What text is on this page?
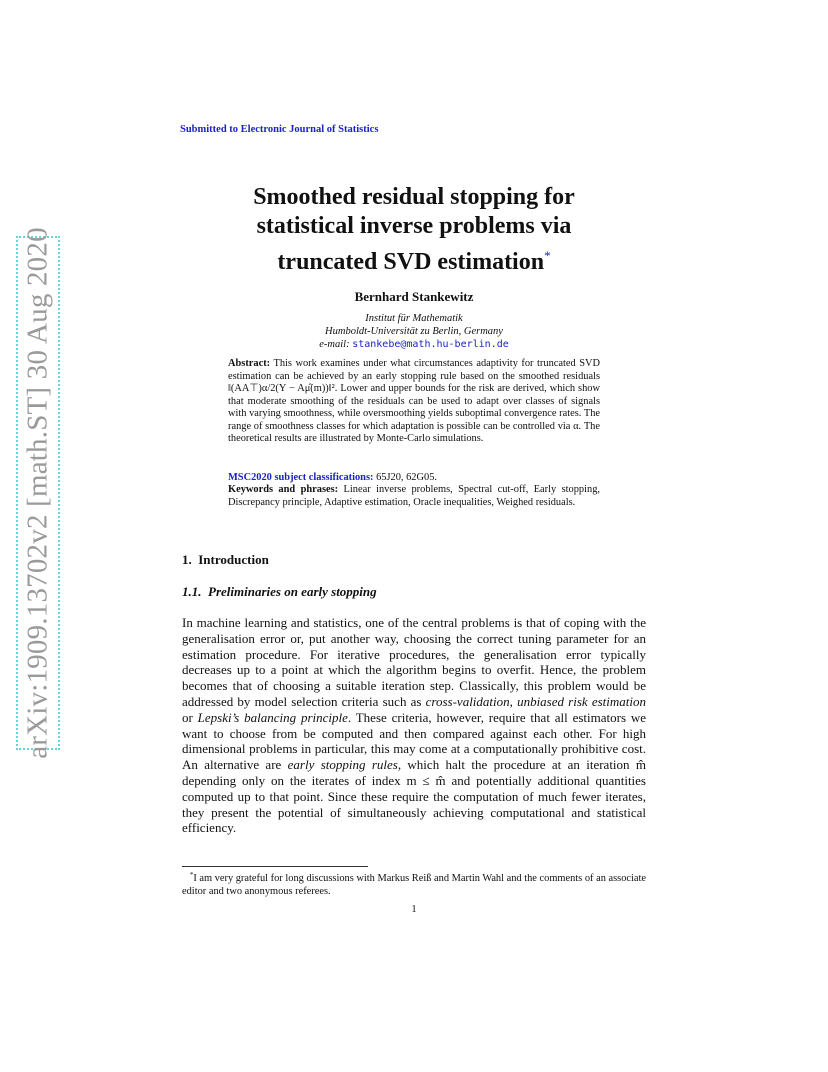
arXiv:1909.13702v2 [math.ST] 30 Aug 2020
Submitted to Electronic Journal of Statistics
Smoothed residual stopping for
statistical inverse problems via
truncated SVD estimation*
Bernhard Stankewitz
Institut für Mathematik
Humboldt-Universität zu Berlin, Germany
e-mail: stankebe@math.hu-berlin.de
Abstract: This work examines under what circumstances adaptivity for truncated SVD estimation can be achieved by an early stopping rule based on the smoothed residuals ‖(AA⊤)α/2(Y − Aμ̂(m))‖². Lower and upper bounds for the risk are derived, which show that moderate smoothing of the residuals can be used to adapt over classes of signals with varying smoothness, while oversmoothing yields suboptimal convergence rates. The range of smoothness classes for which adaptation is possible can be controlled via α. The theoretical results are illustrated by Monte-Carlo simulations.
MSC2020 subject classifications: 65J20, 62G05.
Keywords and phrases: Linear inverse problems, Spectral cut-off, Early stopping, Discrepancy principle, Adaptive estimation, Oracle inequalities, Weighed residuals.
1. Introduction
1.1. Preliminaries on early stopping
In machine learning and statistics, one of the central problems is that of coping with the generalisation error or, put another way, choosing the correct tuning parameter for an estimation procedure. For iterative procedures, the generalisation error typically decreases up to a point at which the algorithm begins to overfit. Hence, the problem becomes that of choosing a suitable iteration step. Classically, this problem would be addressed by model selection criteria such as cross-validation, unbiased risk estimation or Lepski’s balancing principle. These criteria, however, require that all estimators we want to choose from be computed and then compared against each other. For high dimensional problems in particular, this may come at a computationally prohibitive cost. An alternative are early stopping rules, which halt the procedure at an iteration m̂ depending only on the iterates of index m ≤ m̂ and potentially additional quantities computed up to that point. Since these require the computation of much fewer iterates, they present the potential of simultaneously achieving computational and statistical efficiency.
*I am very grateful for long discussions with Markus Reiß and Martin Wahl and the comments of an associate editor and two anonymous referees.
1
